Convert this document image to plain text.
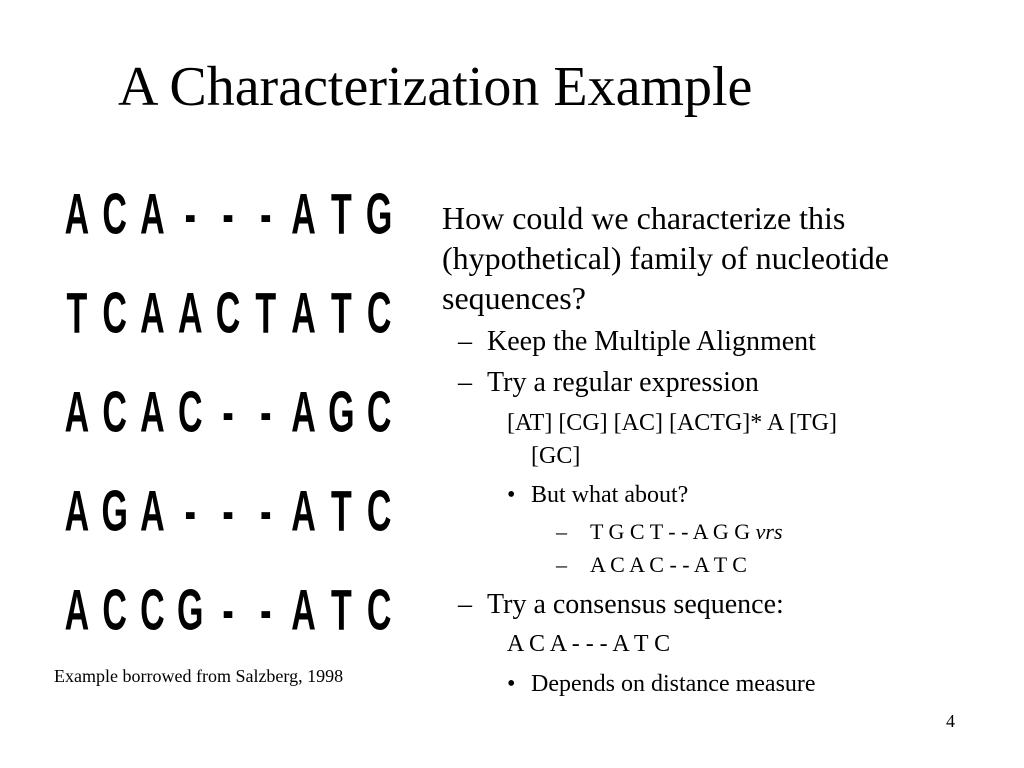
A Characterization Example
A C A - - - A T G
T C A A C T A T C
A C A C - - A G C
A G A - - - A T C
A C C G - - A T C
Example borrowed from Salzberg, 1998
How could we characterize this
(hypothetical) family of nucleotide
sequences?
– Keep the Multiple Alignment
– Try a regular expression
[AT] [CG] [AC] [ACTG]* A [TG]
[GC]
• But what about?
– T G C T - - A G G vrs
– A C A C - - A T C
– Try a consensus sequence:
A C A - - - A T C
• Depends on distance measure
4
